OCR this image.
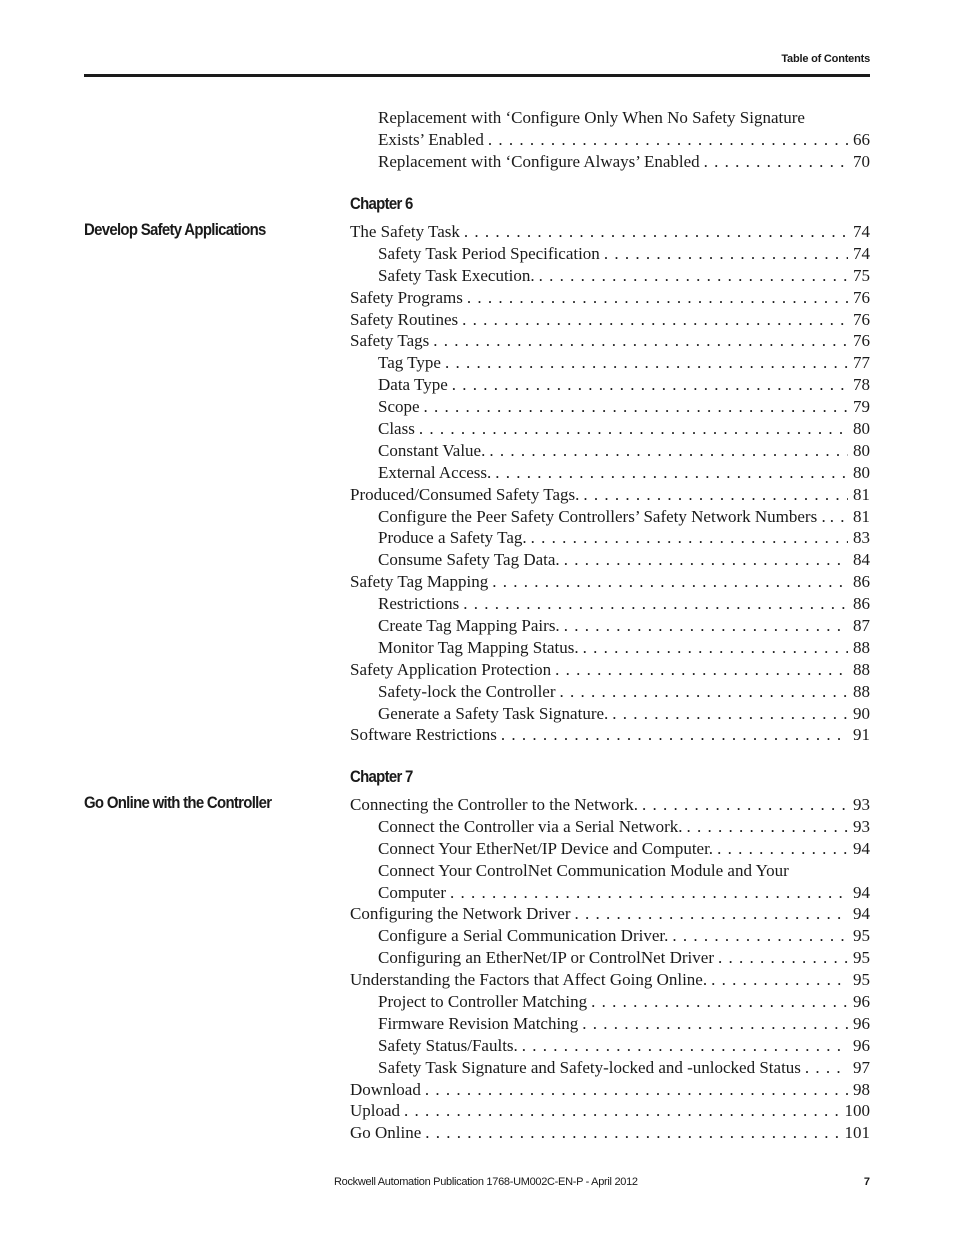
Table of Contents
Replacement with ‘Configure Only When No Safety Signature
Exists’ Enabled . . .	66
Replacement with ‘Configure Always’ Enabled . . .	70
Chapter 6
Develop Safety Applications	The Safety Task . . .	74
Safety Task Period Specification . . .	74
Safety Task Execution. . . .	75
Safety Programs . . .	76
Safety Routines . . .	76
Safety Tags . . .	76
Tag Type . . .	77
Data Type . . .	78
Scope . . .	79
Class . . .	80
Constant Value. . . .	80
External Access. . . .	80
Produced/Consumed Safety Tags. . . .	81
Configure the Peer Safety Controllers’ Safety Network Numbers . . . . 81
Produce a Safety Tag. . . .	83
Consume Safety Tag Data. . . .	84
Safety Tag Mapping . . .	86
Restrictions . . .	86
Create Tag Mapping Pairs. . . .	87
Monitor Tag Mapping Status. . . .	88
Safety Application Protection . . .	88
Safety-lock the Controller . . .	88
Generate a Safety Task Signature. . . .	90
Software Restrictions . . .	91
Chapter 7
Go Online with the Controller	Connecting the Controller to the Network. . . .	93
Connect the Controller via a Serial Network. . . .	93
Connect Your EtherNet/IP Device and Computer. . . .	94
Connect Your ControlNet Communication Module and Your
Computer . . .	94
Configuring the Network Driver . . .	94
Configure a Serial Communication Driver. . . .	95
Configuring an EtherNet/IP or ControlNet Driver . . .	95
Understanding the Factors that Affect Going Online. . . .	95
Project to Controller Matching . . .	96
Firmware Revision Matching . . .	96
Safety Status/Faults. . . .	96
Safety Task Signature and Safety-locked and -unlocked Status . . .	97
Download . . .	98
Upload . . .	100
Go Online . . .	101
Rockwell Automation Publication 1768-UM002C-EN-P - April 2012	7
